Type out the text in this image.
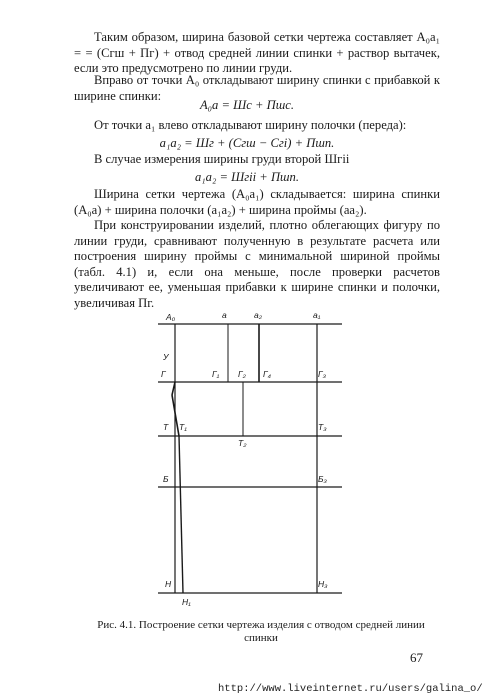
Таким образом, ширина базовой сетки чертежа составляет A₀a₁ = = (Cгш + Пг) + отвод средней линии спинки + раствор вытачек, если это предусмотрено по линии груди.

Вправо от точки A₀ откладывают ширину спинки с прибавкой к ширине спинки:

A₀a = Шс + Пшс.

От точки a₁ влево откладывают ширину полочки (переда):

a₁a₂ = Шг + (Cгш − Cгі) + Пшп.

В случае измерения ширины груди второй Шгіі

a₁a₂ = Шгіі + Пшп.

Ширина сетки чертежа (A₀a₁) складывается: ширина спинки (A₀a) + ширина полочки (a₁a₂) + ширина проймы (aa₂).

При конструировании изделий, плотно облегающих фигуру по линии груди, сравнивают полученную в результате расчета или построения ширину проймы с минимальной шириной проймы (табл. 4.1) и, если она меньше, после проверки расчетов увеличивают ее, уменьшая прибавки к ширине спинки и полочки, увеличивая Пг.

A₀	a	a₂	a₁
У
Г	Г₁ Г₂ Г₄	Г₃
Т Т₁
Т₂
Т₃
Б	Б₃
Н	Н₃
Н₁

Рис. 4.1. Построение сетки чертежа изделия с отводом средней линии спинки

67

http://www.liveinternet.ru/users/galina_o/
